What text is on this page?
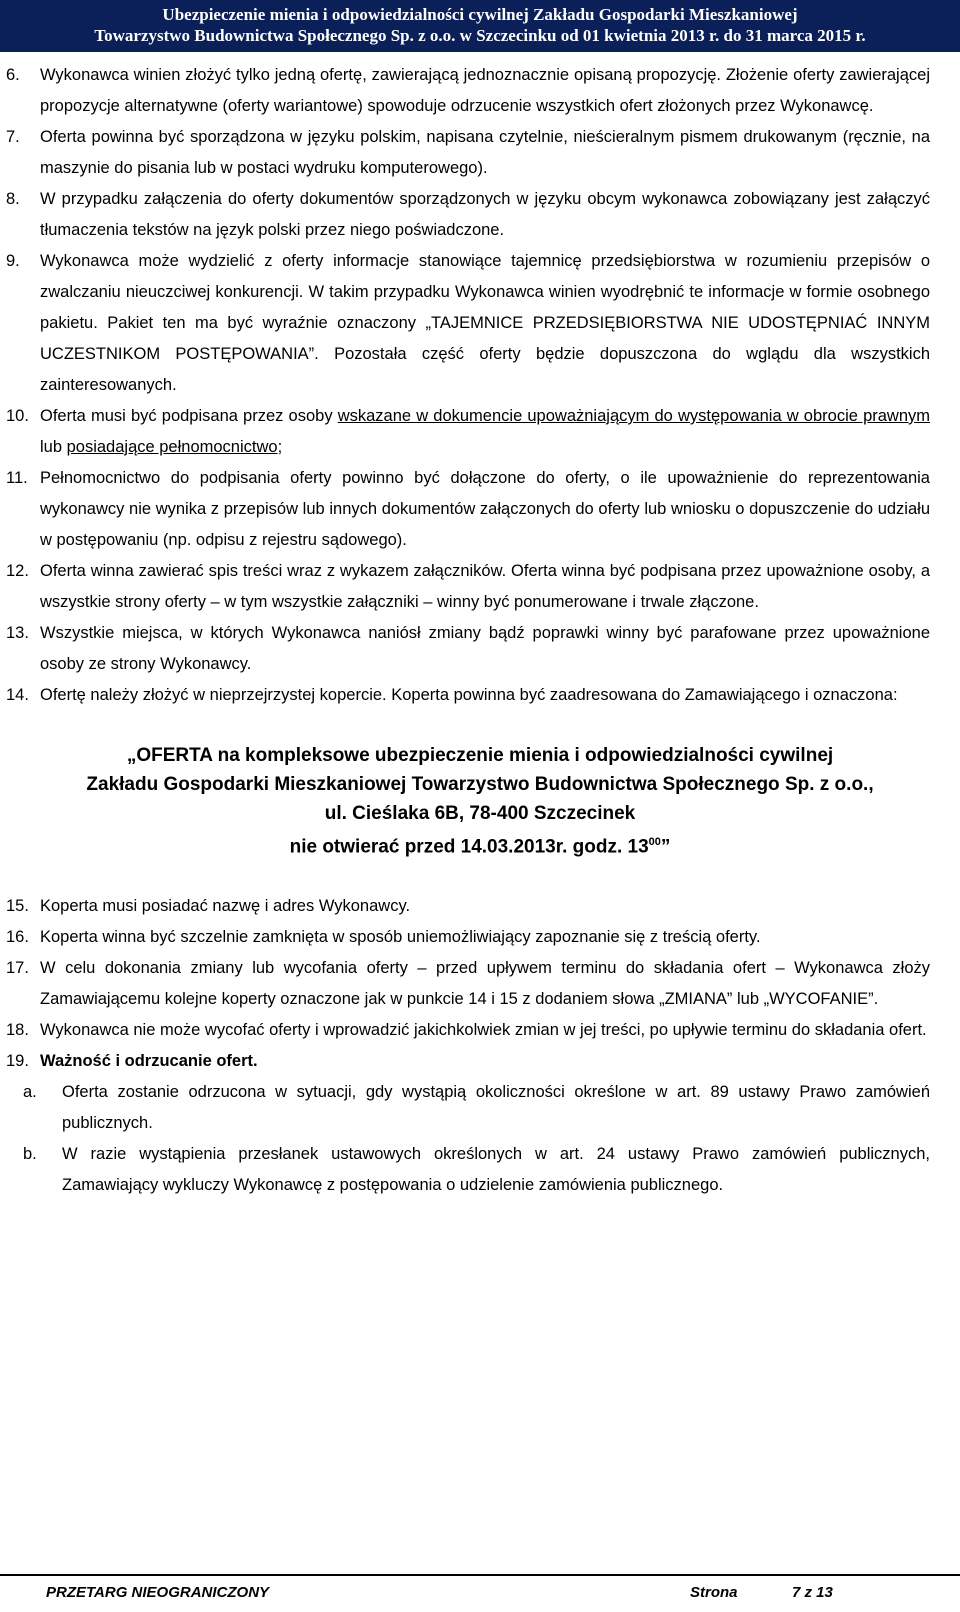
Ubezpieczenie mienia i odpowiedzialności cywilnej Zakładu Gospodarki Mieszkaniowej
Towarzystwo Budownictwa Społecznego Sp. z o.o. w Szczecinku od 01 kwietnia 2013 r. do 31 marca 2015 r.
6. Wykonawca winien złożyć tylko jedną ofertę, zawierającą jednoznacznie opisaną propozycję. Złożenie oferty zawierającej propozycje alternatywne (oferty wariantowe) spowoduje odrzucenie wszystkich ofert złożonych przez Wykonawcę.
7. Oferta powinna być sporządzona w języku polskim, napisana czytelnie, nieścieralnym pismem drukowanym (ręcznie, na maszynie do pisania lub w postaci wydruku komputerowego).
8. W przypadku załączenia do oferty dokumentów sporządzonych w języku obcym wykonawca zobowiązany jest załączyć tłumaczenia tekstów na język polski przez niego poświadczone.
9. Wykonawca może wydzielić z oferty informacje stanowiące tajemnicę przedsiębiorstwa w rozumieniu przepisów o zwalczaniu nieuczciwej konkurencji. W takim przypadku Wykonawca winien wyodrębnić te informacje w formie osobnego pakietu. Pakiet ten ma być wyraźnie oznaczony „TAJEMNICE PRZEDSIĘBIORSTWA NIE UDOSTĘPNIAĆ INNYM UCZESTNIKOM POSTĘPOWANIA”. Pozostała część oferty będzie dopuszczona do wglądu dla wszystkich zainteresowanych.
10. Oferta musi być podpisana przez osoby wskazane w dokumencie upoważniającym do występowania w obrocie prawnym lub posiadające pełnomocnictwo;
11. Pełnomocnictwo do podpisania oferty powinno być dołączone do oferty, o ile upoważnienie do reprezentowania wykonawcy nie wynika z przepisów lub innych dokumentów załączonych do oferty lub wniosku o dopuszczenie do udziału w postępowaniu (np. odpisu z rejestru sądowego).
12. Oferta winna zawierać spis treści wraz z wykazem załączników. Oferta winna być podpisana przez upoważnione osoby, a wszystkie strony oferty – w tym wszystkie załączniki – winny być ponumerowane i trwale złączone.
13. Wszystkie miejsca, w których Wykonawca naniósł zmiany bądź poprawki winny być parafowane przez upoważnione osoby ze strony Wykonawcy.
14. Ofertę należy złożyć w nieprzejrzystej kopercie. Koperta powinna być zaadresowana do Zamawiającego i oznaczona:
„OFERTA na kompleksowe ubezpieczenie mienia i odpowiedzialności cywilnej
Zakładu Gospodarki Mieszkaniowej Towarzystwo Budownictwa Społecznego Sp. z o.o.,
ul. Cieślaka 6B, 78-400 Szczecinek
nie otwierać przed 14.03.2013r. godz. $13^{00}$”
15. Koperta musi posiadać nazwę i adres Wykonawcy.
16. Koperta winna być szczelnie zamknięta w sposób uniemożliwiający zapoznanie się z treścią oferty.
17. W celu dokonania zmiany lub wycofania oferty – przed upływem terminu do składania ofert – Wykonawca złoży Zamawiającemu kolejne koperty oznaczone jak w punkcie 14 i 15 z dodaniem słowa „ZMIANA” lub „WYCOFANIE”.
18. Wykonawca nie może wycofać oferty i wprowadzić jakichkolwiek zmian w jej treści, po upływie terminu do składania ofert.
19. Ważność i odrzucanie ofert.
a. Oferta zostanie odrzucona w sytuacji, gdy wystąpią okoliczności określone w art. 89 ustawy Prawo zamówień publicznych.
b. W razie wystąpienia przesłanek ustawowych określonych w art. 24 ustawy Prawo zamówień publicznych, Zamawiający wykluczy Wykonawcę z postępowania o udzielenie zamówienia publicznego.
PRZETARG NIEOGRANICZONY	Strona	7 z 13
